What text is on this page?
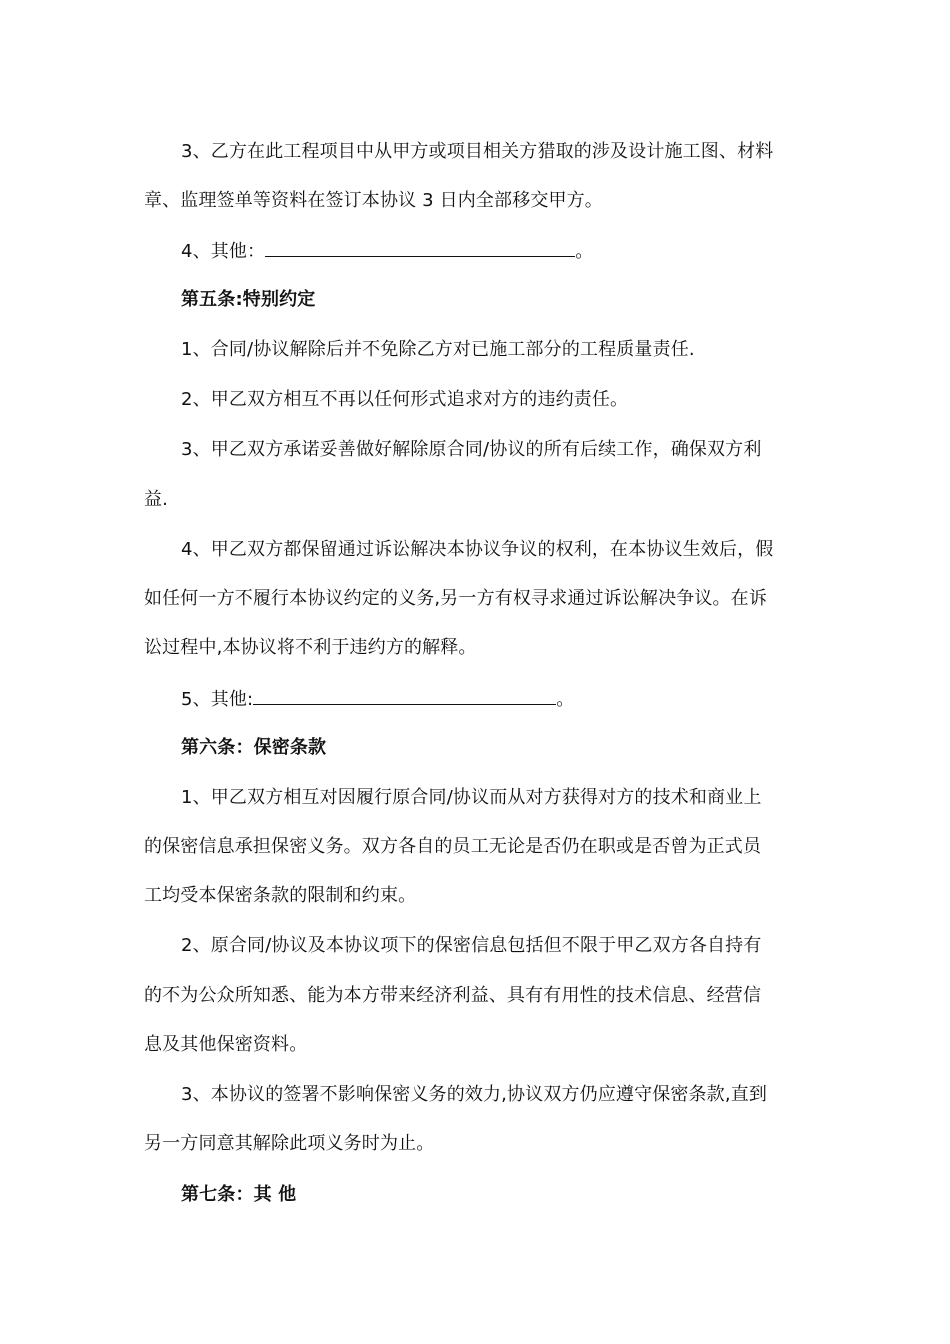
3、乙方在此工程项目中从甲方或项目相关方猎取的涉及设计施工图、材料
章、监理签单等资料在签订本协议 3 日内全部移交甲方。
4、其他：	。
第五条:特别约定
1、合同/协议解除后并不免除乙方对已施工部分的工程质量责任.
2、甲乙双方相互不再以任何形式追求对方的违约责任。
3、甲乙双方承诺妥善做好解除原合同/协议的所有后续工作，确保双方利
益.
4、甲乙双方都保留通过诉讼解决本协议争议的权利，在本协议生效后，假
如任何一方不履行本协议约定的义务,另一方有权寻求通过诉讼解决争议。在诉
讼过程中,本协议将不利于违约方的解释。
5、其他:	。
第六条：保密条款
1、甲乙双方相互对因履行原合同/协议而从对方获得对方的技术和商业上
的保密信息承担保密义务。双方各自的员工无论是否仍在职或是否曾为正式员
工均受本保密条款的限制和约束。
2、原合同/协议及本协议项下的保密信息包括但不限于甲乙双方各自持有
的不为公众所知悉、能为本方带来经济利益、具有有用性的技术信息、经营信
息及其他保密资料。
3、本协议的签署不影响保密义务的效力,协议双方仍应遵守保密条款,直到
另一方同意其解除此项义务时为止。
第七条：其 他
